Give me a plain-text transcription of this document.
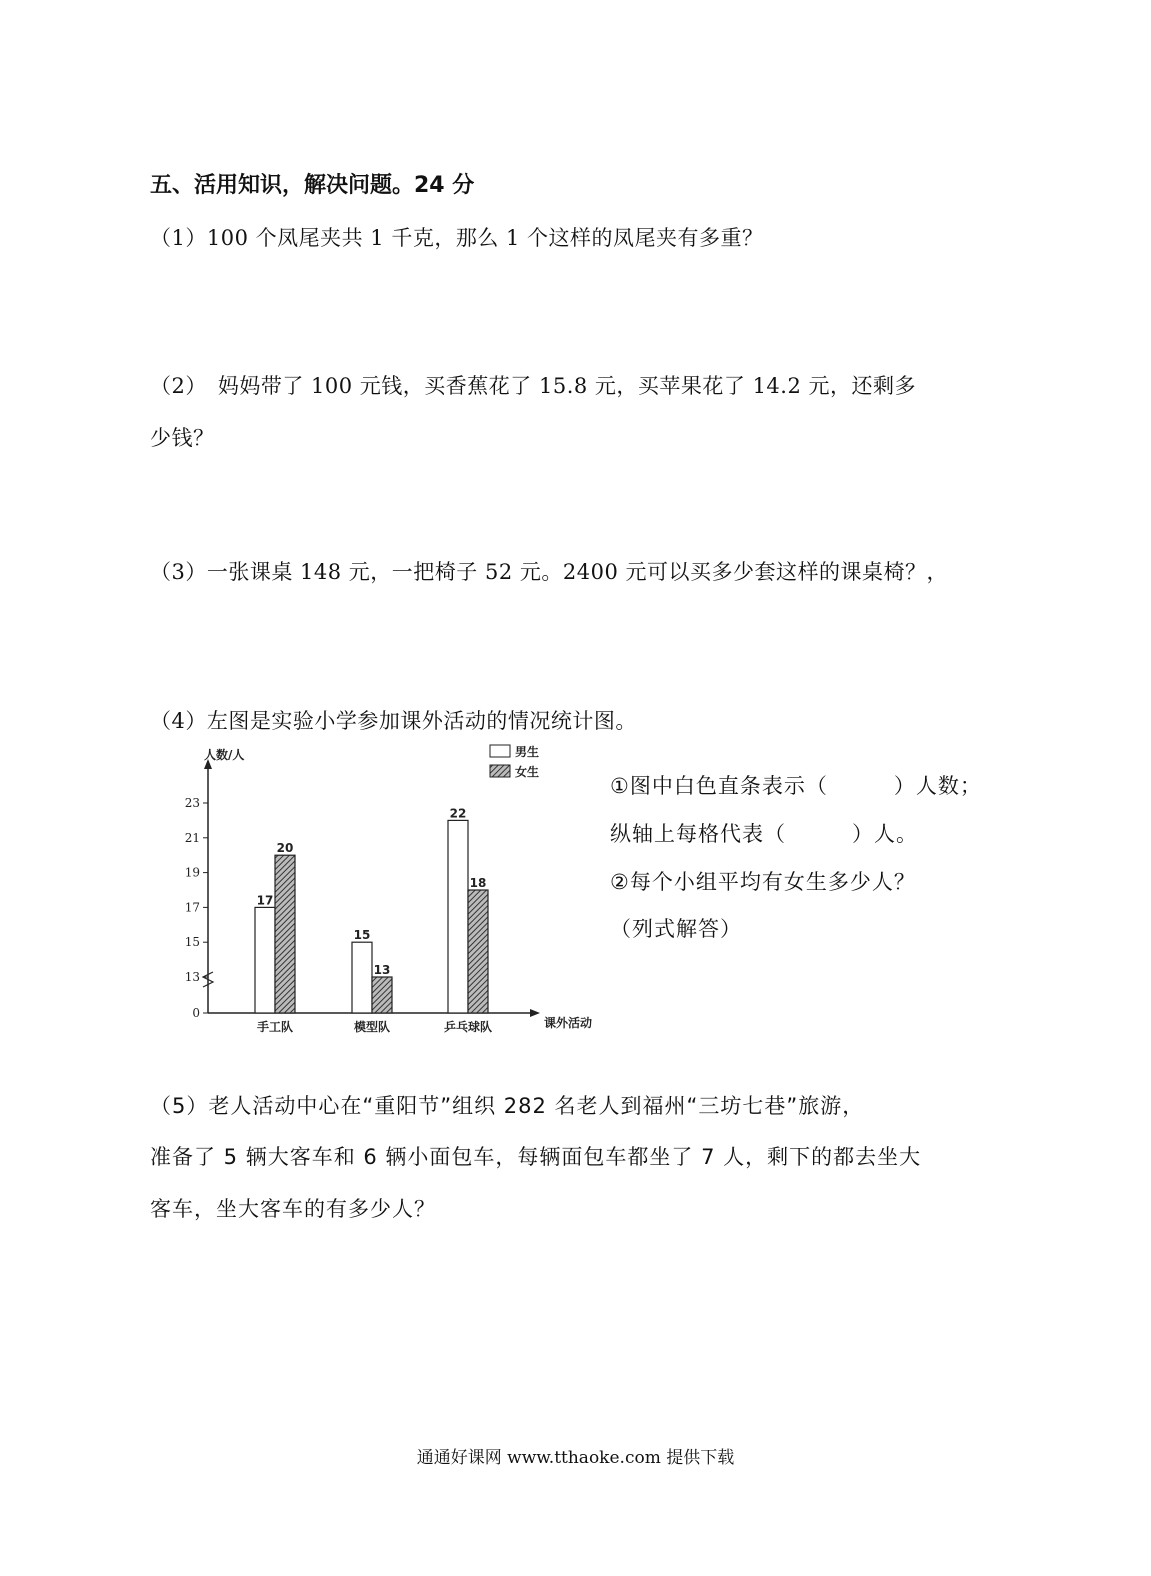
五、活用知识，解决问题。24 分
（1）100 个凤尾夹共 1 千克，那么 1 个这样的凤尾夹有多重？
（2）　妈妈带了 100 元钱，买香蕉花了 15.8 元，买苹果花了 14.2 元，还剩多
少钱？
（3）一张课桌 148 元，一把椅子 52 元。2400 元可以买多少套这样的课桌椅？，
（4）左图是实验小学参加课外活动的情况统计图。
0
13
15
17
19
21
23
人数/人
课外活动
17
20
手工队
15
13
模型队
22
18
乒乓球队
男生
女生
①图中白色直条表示（　　　）人数；
纵轴上每格代表（　　　）人。
②每个小组平均有女生多少人？
（列式解答）
（5）老人活动中心在“重阳节”组织 282 名老人到福州“三坊七巷”旅游，
准备了 5 辆大客车和 6 辆小面包车，每辆面包车都坐了 7 人，剩下的都去坐大
客车，坐大客车的有多少人？
通通好课网 www.tthaoke.com 提供下载
